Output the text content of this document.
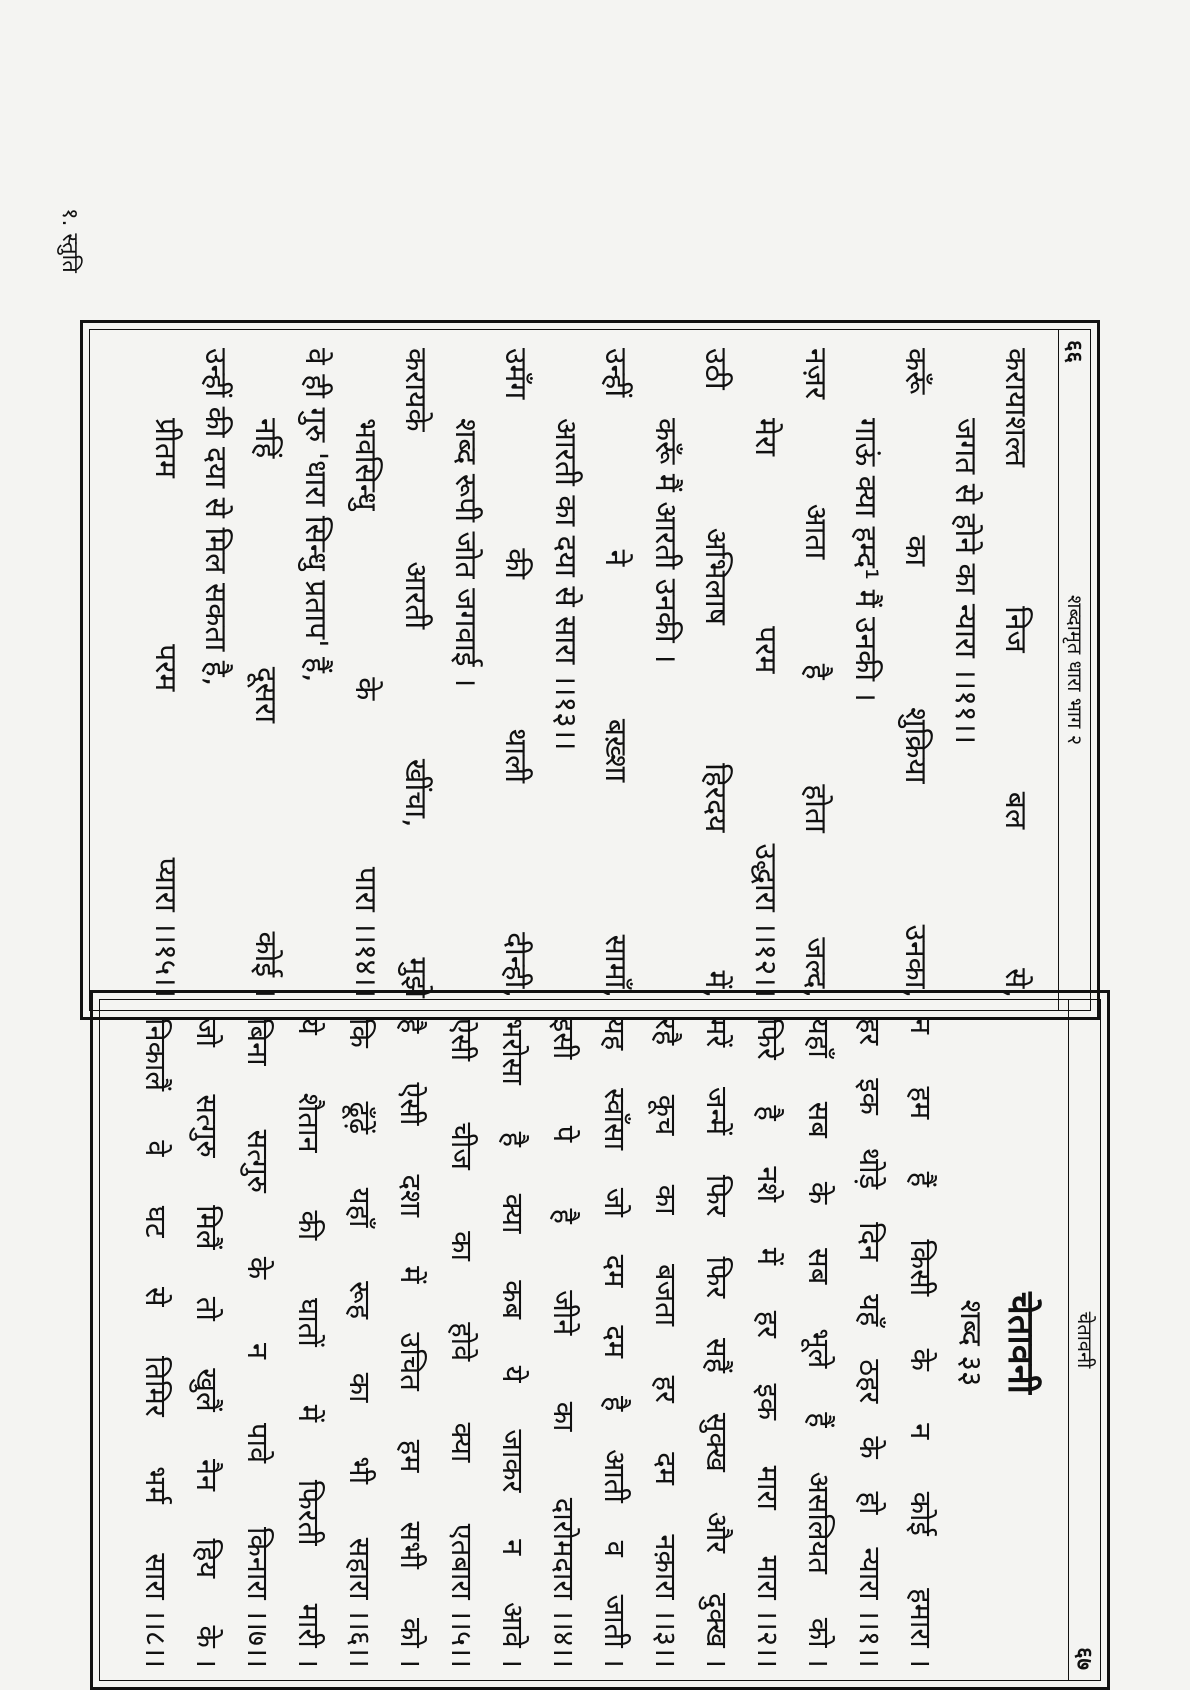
६६
शब्दामृत धारा भाग २
करायाशल्त
निज
बल
से,
जगत से होने का न्यारा ।।११।।
करूँ
का
शुक्रिया
उनका,
गाऊं क्या हम्द¹ मैं उनकी ।
नज़र
आता
है
होता
जल्द,
मेरा
परम
उद्धारा ।।१२।।
उठी
अभिलाष
हिरदय
में,
करूँ मैं आरती उनकी ।
उन्हीं
ने
बख़्शा
सामाँ,
आरती का दया से सारा ।।१३।।
उमँग
की
थाली
दीन्ही,
शब्द रूपी जोत जगवाई ।
करायके
आरती
खींचा,
मुझे
भवसिन्धु
के
पारा ।।१४।।
वे ही गुरु 'धारा सिन्धु प्रताप' हैं,
नहिं
दूसरा
कोई ।
उन्हीं की दया से मिल सकता है,
प्रीतम
परम
प्यारा ।।१५।।
चेतावनी
६७
चेतावनी
शब्द ३३
न
हम
हैं
किसी
के
न
कोई
हमारा ।
हर
इक
थोड़े
दिन
यहँ
ठहर
के
हो
न्यारा ।।१।।
यहाँ
सब
के
सब
भूले
हैं
असलियत
को ।
फिरे
है
नशे
में
हर
इक
मारा
मारा ।।२।।
मरें
जन्में
फिर
फिर
सहैं
सुक्ख
और
दुक्ख ।
रहै
कूच
का
बजता
हर
दम
नक़ारा ।।३।।
यह
स्वाँसा
जो
दम
दम
है
आती
व
जाती ।
इसी
पे
है
जीने
का
दारोमदारा ।।४।।
भरोसा
है
क्या
कब
ये
जाकर
न
आवे ।
ऐसी
चीज
का
होवे
क्या
एतबारा ।।५।।
है
ऐसी
दशा
में
उचित
हम
सभी
को ।
कि
ढूँढ़ें
यहाँ
रूह
का
भी
सहारा ।।६।।
ये
शैतान
की
घातों
में
फिरती
मारी ।
बिना
सत्गुरु
के
न
पावे
किनारा ।।७।।
जो
सत्गुरु
मिलैं
तो
खुलैं
नैन
हिय
के ।
निकालैं
वे
घट
से
तिमिर
भर्म
सारा ।।८।।
१. स्तुति
